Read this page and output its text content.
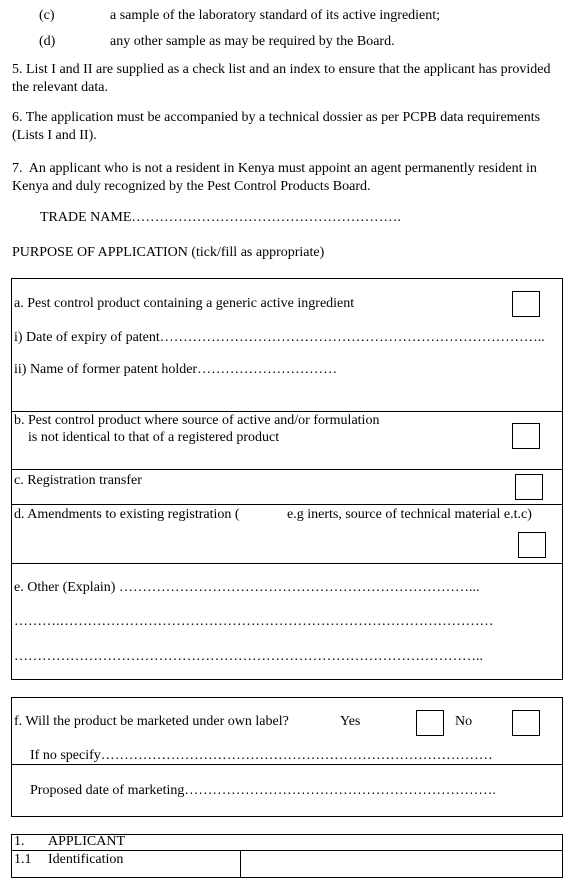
(c)	a sample of the laboratory standard of its active ingredient;
(d)	any other sample as may be required by the Board.
5. List I and II are supplied as a check list and an index to ensure that the applicant has provided the relevant data.
6. The application must be accompanied by a technical dossier as per PCPB data requirements (Lists I and II).
7. An applicant who is not a resident in Kenya must appoint an agent permanently resident in Kenya and duly recognized by the Pest Control Products Board.
TRADE NAME………………………………………………….
PURPOSE OF APPLICATION (tick/fill as appropriate)
a. Pest control product containing a generic active ingredient
i) Date of expiry of patent………………………………………………………………………..
ii) Name of former patent holder…………………………
b. Pest control product where source of active and/or formulation
is not identical to that of a registered product
c. Registration transfer
d. Amendments to existing registration (	e.g inerts, source of technical material e.t.c)
e. Other (Explain) …………………………………………………………………...
……….…………………………………………………………………………………
………………………………………………………………………………………..
f. Will the product be marketed under own label?	Yes	No
If no specify…………………………………………………………………………
Proposed date of marketing………………………………………………………….
1. APPLICANT
1.1 Identification
